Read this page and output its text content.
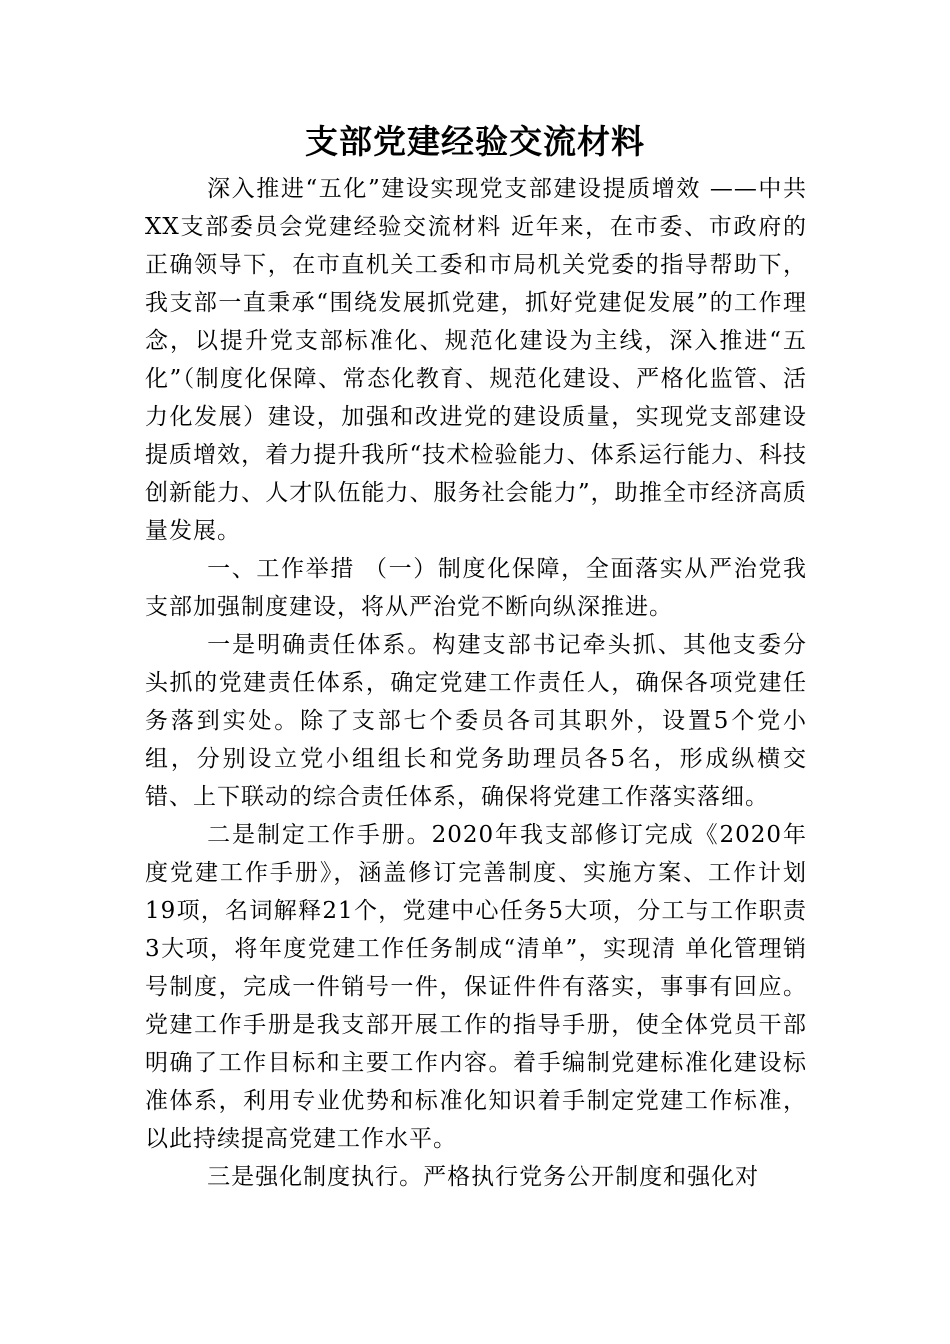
支部党建经验交流材料

深入推进“五化”建设实现党支部建设提质增效 ——中共XX支部委员会党建经验交流材料 近年来，在市委、市政府的正确领导下，在市直机关工委和市局机关党委的指导帮助下，我支部一直秉承“围绕发展抓党建，抓好党建促发展”的工作理念，以提升党支部标准化、规范化建设为主线，深入推进“五化”（制度化保障、常态化教育、规范化建设、严格化监管、活力化发展）建设，加强和改进党的建设质量，实现党支部建设提质增效，着力提升我所“技术检验能力、体系运行能力、科技创新能力、人才队伍能力、服务社会能力”，助推全市经济高质量发展。

一、工作举措 （一）制度化保障，全面落实从严治党我支部加强制度建设，将从严治党不断向纵深推进。

一是明确责任体系。构建支部书记牵头抓、其他支委分头抓的党建责任体系，确定党建工作责任人，确保各项党建任务落到实处。除了支部七个委员各司其职外，设置5个党小组，分别设立党小组组长和党务助理员各5名，形成纵横交错、上下联动的综合责任体系，确保将党建工作落实落细。

二是制定工作手册。2020年我支部修订完成《2020年度党建工作手册》，涵盖修订完善制度、实施方案、工作计划19项，名词解释21个，党建中心任务5大项，分工与工作职责3大项，将年度党建工作任务制成“清单”，实现清 单化管理销号制度，完成一件销号一件，保证件件有落实，事事有回应。党建工作手册是我支部开展工作的指导手册，使全体党员干部明确了工作目标和主要工作内容。着手编制党建标准化建设标准体系，利用专业优势和标准化知识着手制定党建工作标准，以此持续提高党建工作水平。

三是强化制度执行。严格执行党务公开制度和强化对
